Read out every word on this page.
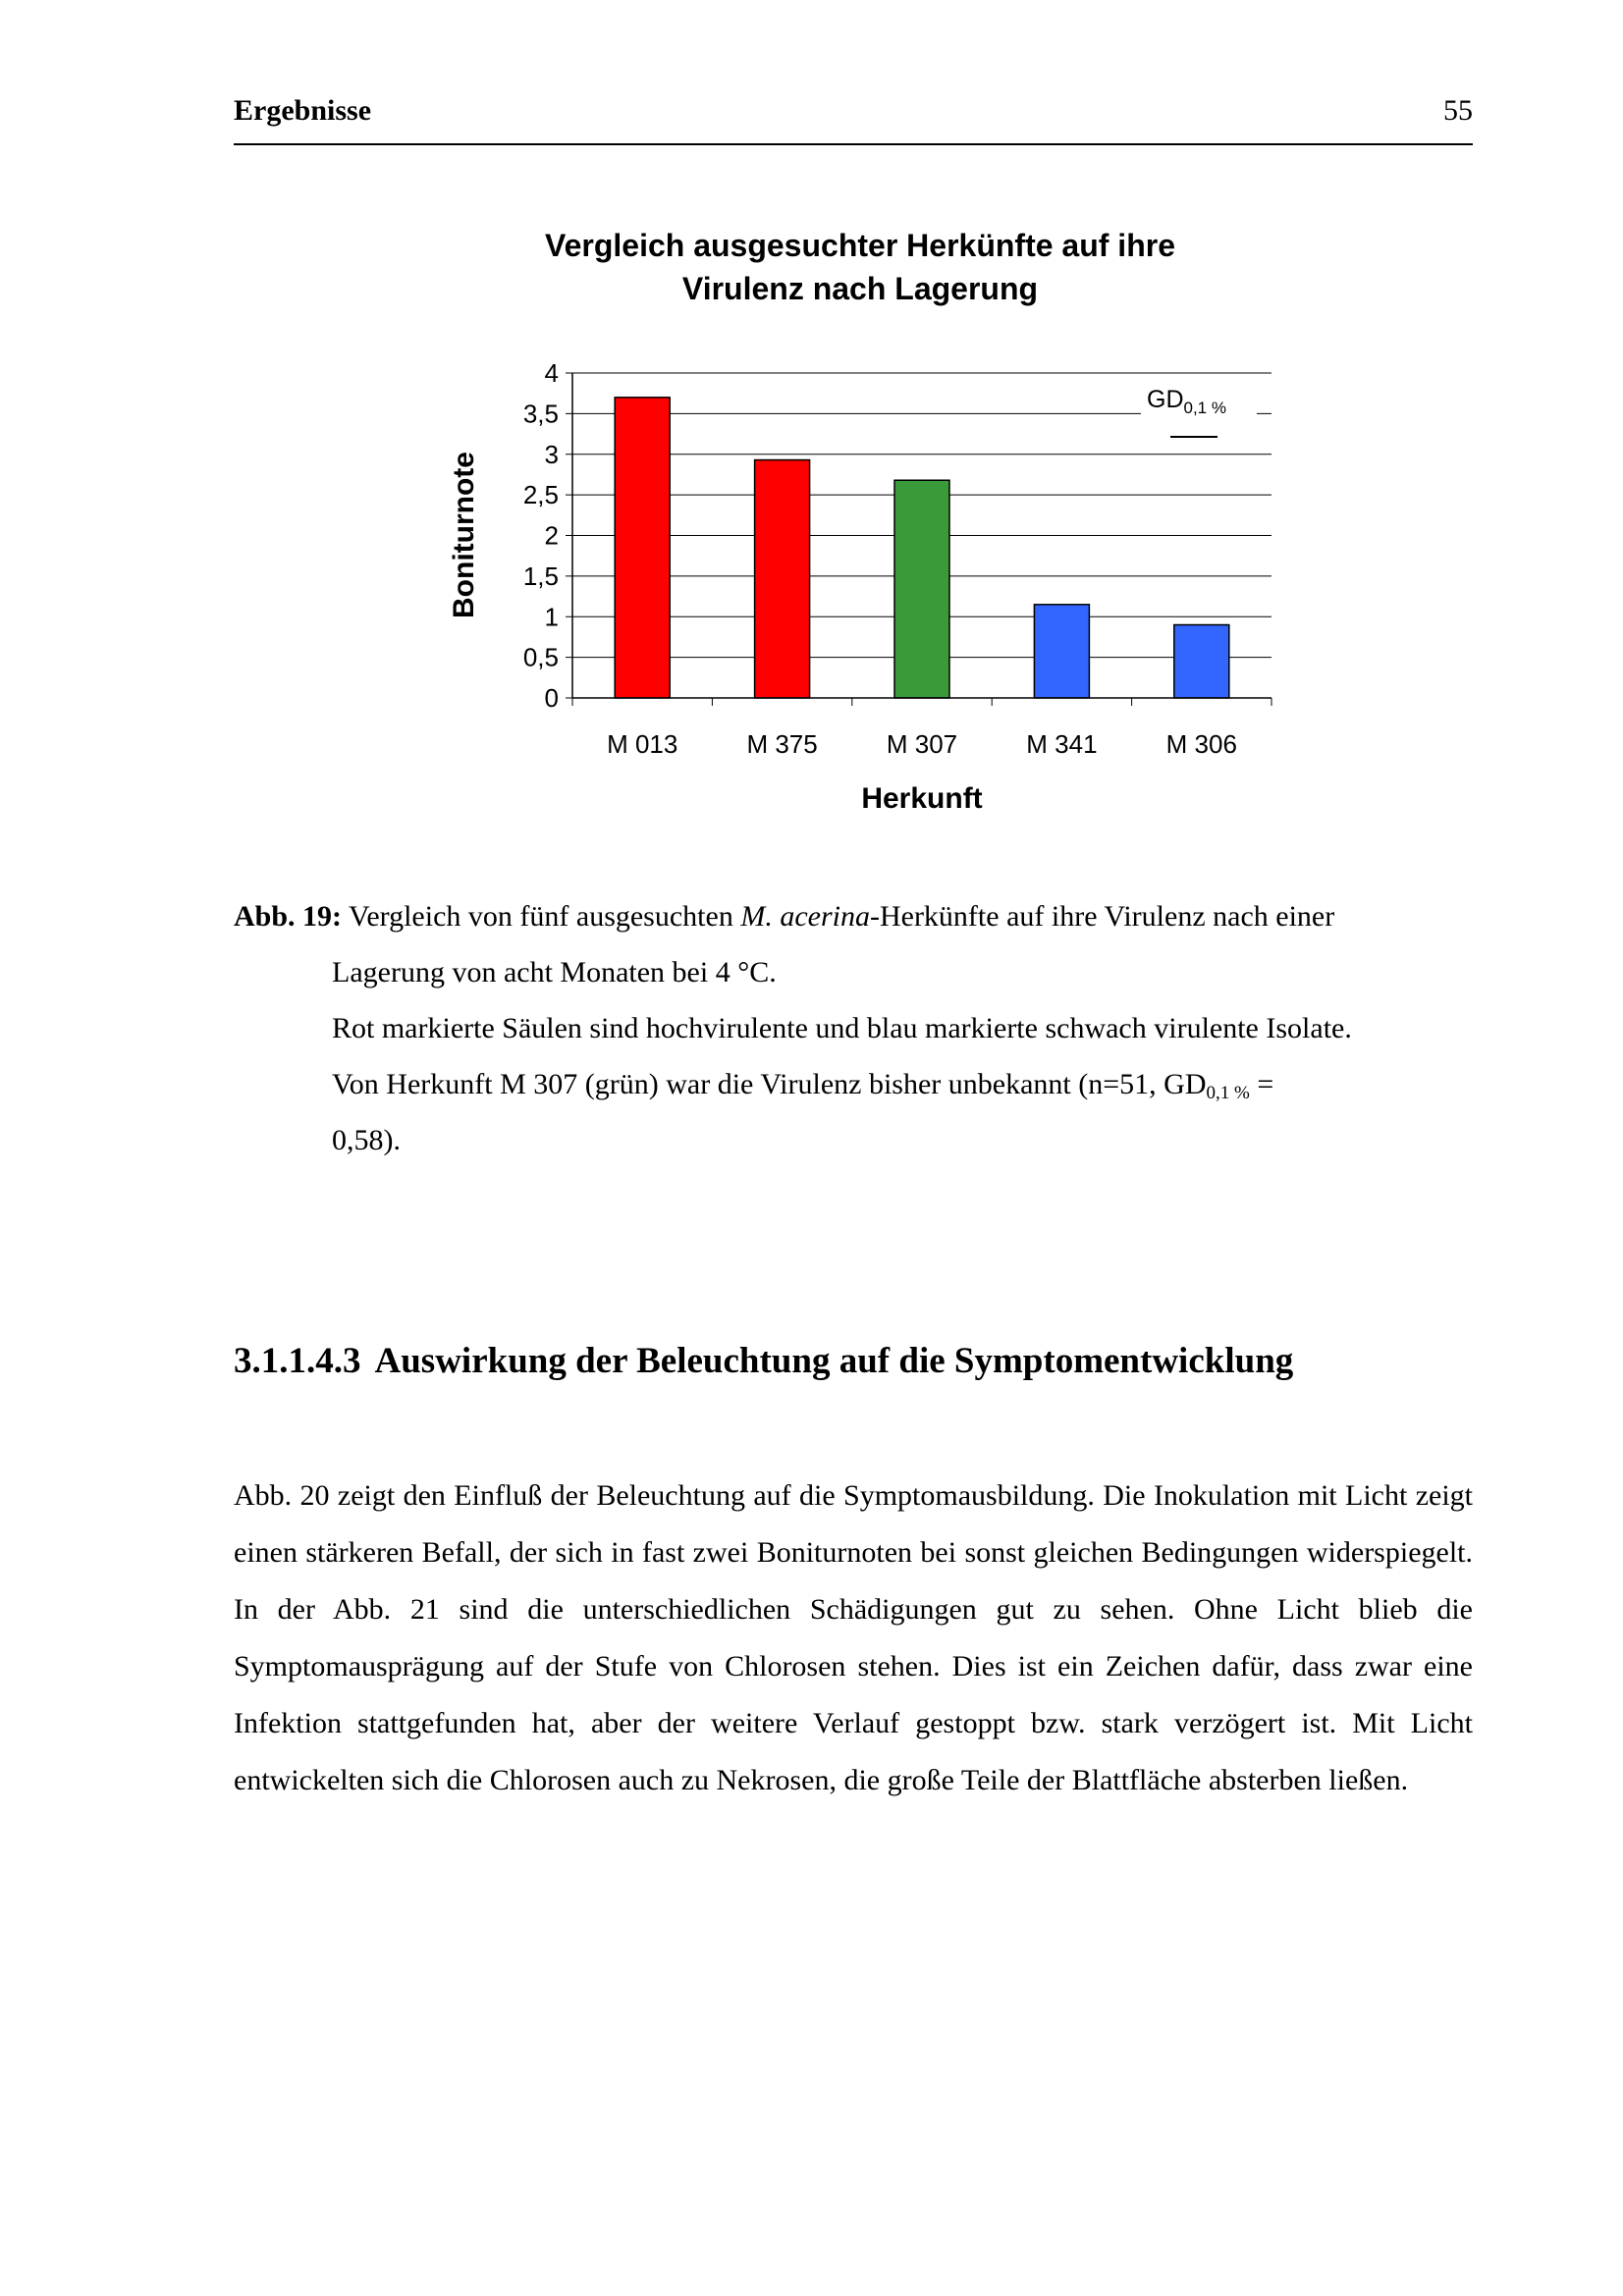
Ergebnisse	55
Vergleich ausgesuchter Herkünfte auf ihre
Virulenz nach Lagerung
$GD_{0,1 \%}$
0
0,5
1
1,5
2
2,5
3
3,5
4
M 013	M 375	M 307	M 341	M 306
Herkunft
Boniturnote
Abb. 19: Vergleich von fünf ausgesuchten M. acerina-Herkünfte auf ihre Virulenz nach einer
Lagerung von acht Monaten bei 4 °C.
Rot markierte Säulen sind hochvirulente und blau markierte schwach virulente Isolate.
Von Herkunft M 307 (grün) war die Virulenz bisher unbekannt (n=51, $GD_{0,1 \%}$ =
0,58).
3.1.1.4.3 Auswirkung der Beleuchtung auf die Symptomentwicklung

Abb. 20 zeigt den Einfluß der Beleuchtung auf die Symptomausbildung. Die Inokulation mit Licht zeigt einen stärkeren Befall, der sich in fast zwei Boniturnoten bei sonst gleichen Bedingungen widerspiegelt. In der Abb. 21 sind die unterschiedlichen Schädigungen gut zu sehen. Ohne Licht blieb die Symptomausprägung auf der Stufe von Chlorosen stehen. Dies ist ein Zeichen dafür, dass zwar eine Infektion stattgefunden hat, aber der weitere Verlauf gestoppt bzw. stark verzögert ist. Mit Licht entwickelten sich die Chlorosen auch zu Nekrosen, die große Teile der Blattfläche absterben ließen.
